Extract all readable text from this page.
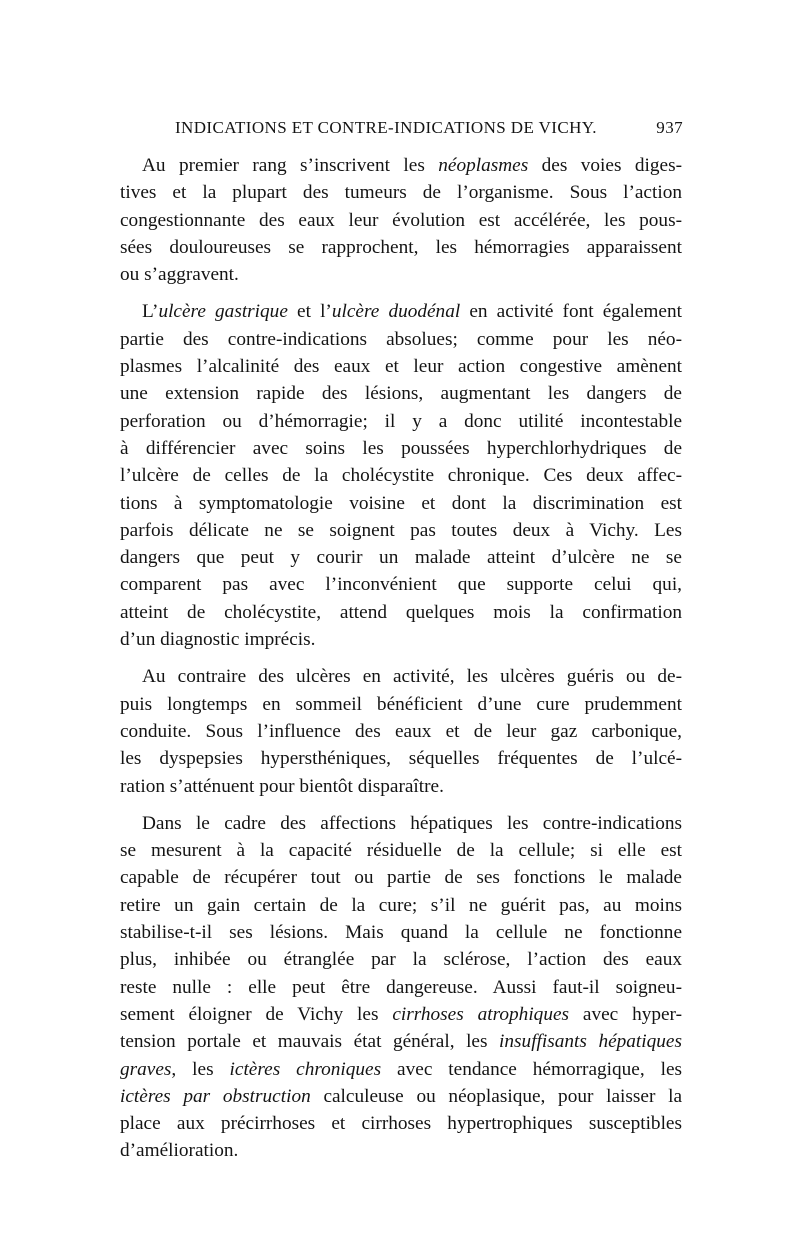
INDICATIONS ET CONTRE-INDICATIONS DE VICHY.	937
Au premier rang s’inscrivent les néoplasmes des voies diges-
tives et la plupart des tumeurs de l’organisme. Sous l’action
congestionnante des eaux leur évolution est accélérée, les pous-
sées douloureuses se rapprochent, les hémorragies apparaissent
ou s’aggravent.
L’ulcère gastrique et l’ulcère duodénal en activité font également
partie des contre-indications absolues; comme pour les néo-
plasmes l’alcalinité des eaux et leur action congestive amènent
une extension rapide des lésions, augmentant les dangers de
perforation ou d’hémorragie; il y a donc utilité incontestable
à différencier avec soins les poussées hyperchlorhydriques de
l’ulcère de celles de la cholécystite chronique. Ces deux affec-
tions à symptomatologie voisine et dont la discrimination est
parfois délicate ne se soignent pas toutes deux à Vichy. Les
dangers que peut y courir un malade atteint d’ulcère ne se
comparent pas avec l’inconvénient que supporte celui qui,
atteint de cholécystite, attend quelques mois la confirmation
d’un diagnostic imprécis.
Au contraire des ulcères en activité, les ulcères guéris ou de-
puis longtemps en sommeil bénéficient d’une cure prudemment
conduite. Sous l’influence des eaux et de leur gaz carbonique,
les dyspepsies hypersthéniques, séquelles fréquentes de l’ulcé-
ration s’atténuent pour bientôt disparaître.
Dans le cadre des affections hépatiques les contre-indications
se mesurent à la capacité résiduelle de la cellule; si elle est
capable de récupérer tout ou partie de ses fonctions le malade
retire un gain certain de la cure; s’il ne guérit pas, au moins
stabilise-t-il ses lésions. Mais quand la cellule ne fonctionne
plus, inhibée ou étranglée par la sclérose, l’action des eaux
reste nulle : elle peut être dangereuse. Aussi faut-il soigneu-
sement éloigner de Vichy les cirrhoses atrophiques avec hyper-
tension portale et mauvais état général, les insuffisants hépatiques
graves, les ictères chroniques avec tendance hémorragique, les
ictères par obstruction calculeuse ou néoplasique, pour laisser la
place aux précirrhoses et cirrhoses hypertrophiques susceptibles
d’amélioration.
